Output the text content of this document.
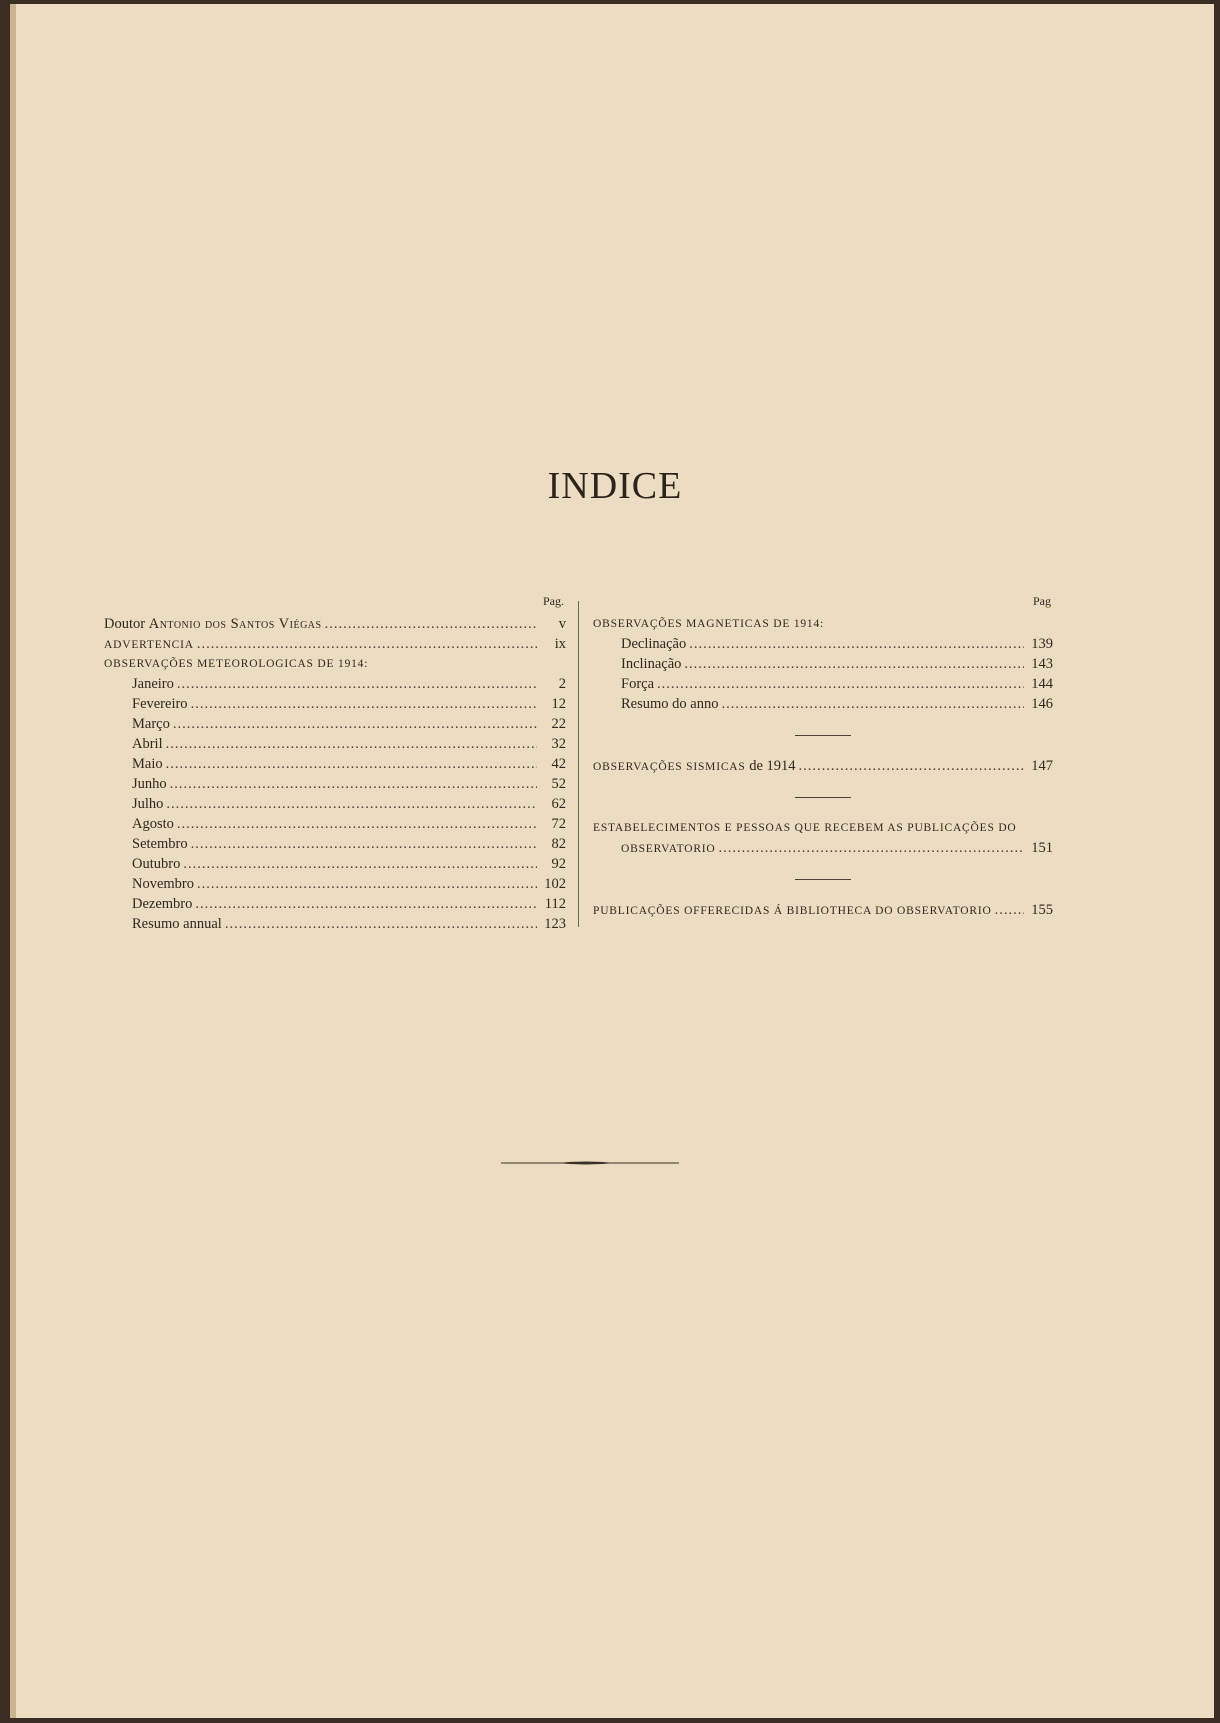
INDICE
Pag.
Doutor Antonio dos Santos Viégas .....	v
ADVERTENCIA .....	ix
OBSERVAÇÕES METEOROLOGICAS DE 1914:
Janeiro .....	2
Fevereiro .....	12
Março .....	22
Abril .....	32
Maio .....	42
Junho .....	52
Julho .....	62
Agosto .....	72
Setembro .....	82
Outubro .....	92
Novembro .....	102
Dezembro .....	112
Resumo annual .....	123
Pag
OBSERVAÇÕES MAGNETICAS DE 1914:
Declinação .....	139
Inclinação .....	143
Força .....	144
Resumo do anno .....	146
OBSERVAÇÕES SISMICAS de 1914 .....	147
ESTABELECIMENTOS E PESSOAS QUE RECEBEM AS PUBLICAÇÕES DO
OBSERVATORIO .....	151
PUBLICAÇÕES OFFERECIDAS Á BIBLIOTHECA DO OBSERVATORIO .....	155
